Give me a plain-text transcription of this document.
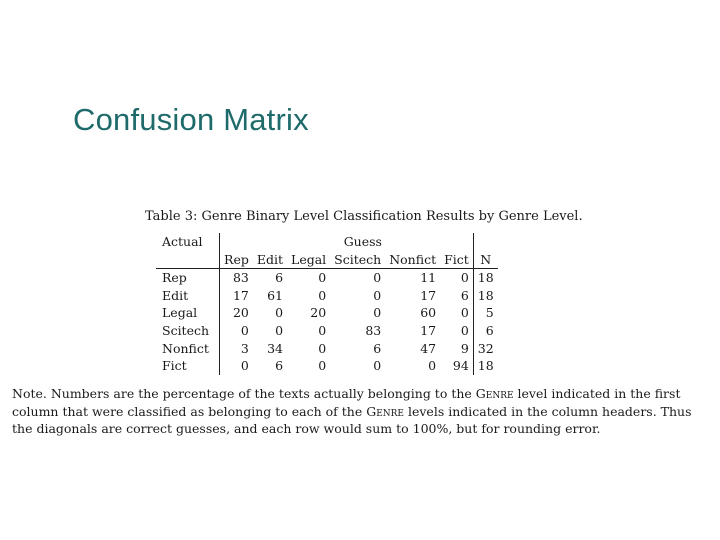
Confusion Matrix
Table 3: Genre Binary Level Classification Results by Genre Level.
Actual		Guess					
	Rep	Edit	Legal	Scitech	Nonfict	Fict	N
Rep	83	6	0	0	11	0	18
Edit	17	61	0	0	17	6	18
Legal	20	0	20	0	60	0	5
Scitech	0	0	0	83	17	0	6
Nonfict	3	34	0	6	47	9	32
Fict	0	6	0	0	0	94	18
Note. Numbers are the percentage of the texts actually belonging to the Genre level indicated in the first column that were classified as belonging to each of the Genre levels indicated in the column headers. Thus the diagonals are correct guesses, and each row would sum to 100%, but for rounding error.
